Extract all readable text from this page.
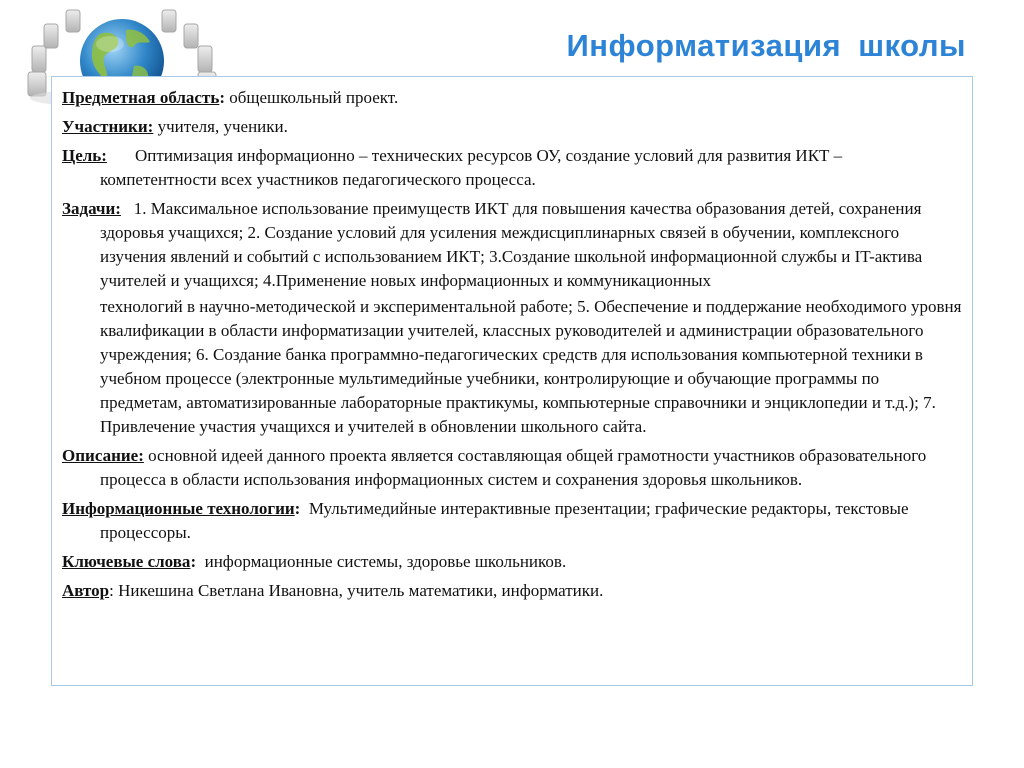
Информатизация школы
Предметная область: общешкольный проект.
Участники: учителя, ученики.
Цель: Оптимизация информационно – технических ресурсов ОУ, создание условий для развития ИКТ – компетентности всех участников педагогического процесса.
Задачи: 1. Максимальное использование преимуществ ИКТ для повышения качества образования детей, сохранения здоровья учащихся; 2. Создание условий для усиления междисциплинарных связей в обучении, комплексного изучения явлений и событий с использованием ИКТ; 3.Создание школьной информационной службы и IT-актива учителей и учащихся; 4.Применение новых информационных и коммуникационных
технологий в научно-методической и экспериментальной работе; 5. Обеспечение и поддержание необходимого уровня квалификации в области информатизации учителей, классных руководителей и администрации образовательного учреждения; 6. Создание банка программно-педагогических средств для использования компьютерной техники в учебном процессе (электронные мультимедийные учебники, контролирующие и обучающие программы по предметам, автоматизированные лабораторные практикумы, компьютерные справочники и энциклопедии и т.д.); 7. Привлечение участия учащихся и учителей в обновлении школьного сайта.
Описание: основной идеей данного проекта является составляющая общей грамотности участников образовательного процесса в области использования информационных систем и сохранения здоровья школьников.
Информационные технологии: Мультимедийные интерактивные презентации; графические редакторы, текстовые процессоры.
Ключевые слова: информационные системы, здоровье школьников.
Автор: Никешина Светлана Ивановна, учитель математики, информатики.
